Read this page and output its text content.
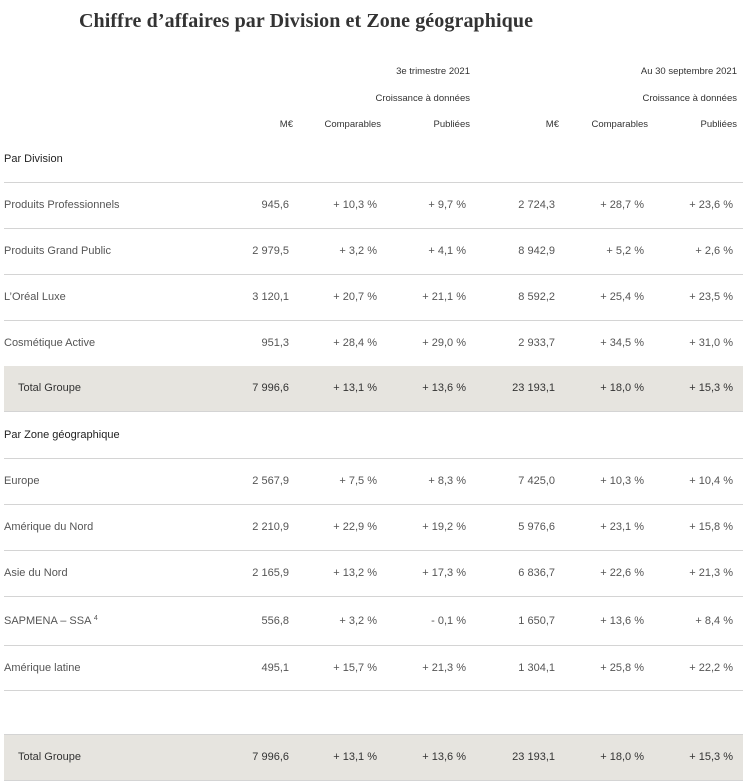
Chiffre d’affaires par Division et Zone géographique
3e trimestre 2021	Au 30 septembre 2021
Croissance à données	Croissance à données
M€	Comparables	Publiées	M€	Comparables	Publiées
Par Division
Produits Professionnels	945,6	+ 10,3 %	+ 9,7 %	2 724,3	+ 28,7 %	+ 23,6 %
Produits Grand Public	2 979,5	+ 3,2 %	+ 4,1 %	8 942,9	+ 5,2 %	+ 2,6 %
L’Oréal Luxe	3 120,1	+ 20,7 %	+ 21,1 %	8 592,2	+ 25,4 %	+ 23,5 %
Cosmétique Active	951,3	+ 28,4 %	+ 29,0 %	2 933,7	+ 34,5 %	+ 31,0 %
Total Groupe	7 996,6	+ 13,1 %	+ 13,6 %	23 193,1	+ 18,0 %	+ 15,3 %
Par Zone géographique
Europe	2 567,9	+ 7,5 %	+ 8,3 %	7 425,0	+ 10,3 %	+ 10,4 %
Amérique du Nord	2 210,9	+ 22,9 %	+ 19,2 %	5 976,6	+ 23,1 %	+ 15,8 %
Asie du Nord	2 165,9	+ 13,2 %	+ 17,3 %	6 836,7	+ 22,6 %	+ 21,3 %
SAPMENA – SSA $^4$	556,8	+ 3,2 %	- 0,1 %	1 650,7	+ 13,6 %	+ 8,4 %
Amérique latine	495,1	+ 15,7 %	+ 21,3 %	1 304,1	+ 25,8 %	+ 22,2 %
Total Groupe	7 996,6	+ 13,1 %	+ 13,6 %	23 193,1	+ 18,0 %	+ 15,3 %
